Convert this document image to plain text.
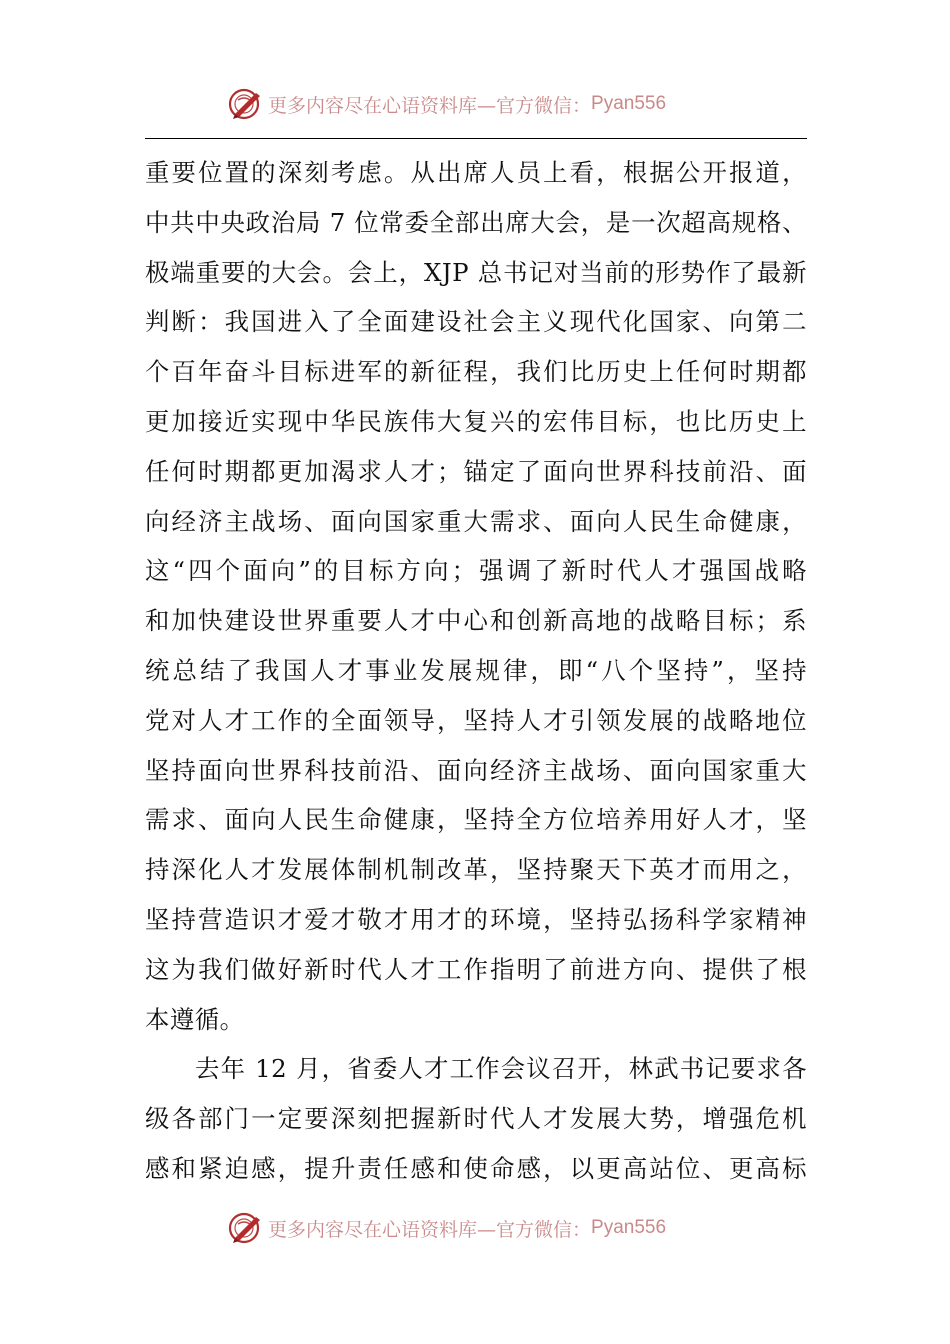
更多内容尽在心语资料库—官方微信： Pyan556
重要位置的深刻考虑。从出席人员上看，根据公开报道，
中共中央政治局 7 位常委全部出席大会，是一次超高规格、
极端重要的大会。会上，XJP 总书记对当前的形势作了最新
判断：我国进入了全面建设社会主义现代化国家、向第二
个百年奋斗目标进军的新征程，我们比历史上任何时期都
更加接近实现中华民族伟大复兴的宏伟目标，也比历史上
任何时期都更加渴求人才；锚定了面向世界科技前沿、面
向经济主战场、面向国家重大需求、面向人民生命健康，
这“四个面向”的目标方向；强调了新时代人才强国战略
和加快建设世界重要人才中心和创新高地的战略目标；系
统总结了我国人才事业发展规律，即“八个坚持”，坚持
党对人才工作的全面领导，坚持人才引领发展的战略地位
坚持面向世界科技前沿、面向经济主战场、面向国家重大
需求、面向人民生命健康，坚持全方位培养用好人才，坚
持深化人才发展体制机制改革，坚持聚天下英才而用之，
坚持营造识才爱才敬才用才的环境，坚持弘扬科学家精神
这为我们做好新时代人才工作指明了前进方向、提供了根
本遵循。
去年 12 月，省委人才工作会议召开，林武书记要求各
级各部门一定要深刻把握新时代人才发展大势，增强危机
感和紧迫感，提升责任感和使命感，以更高站位、更高标
更多内容尽在心语资料库—官方微信： Pyan556
